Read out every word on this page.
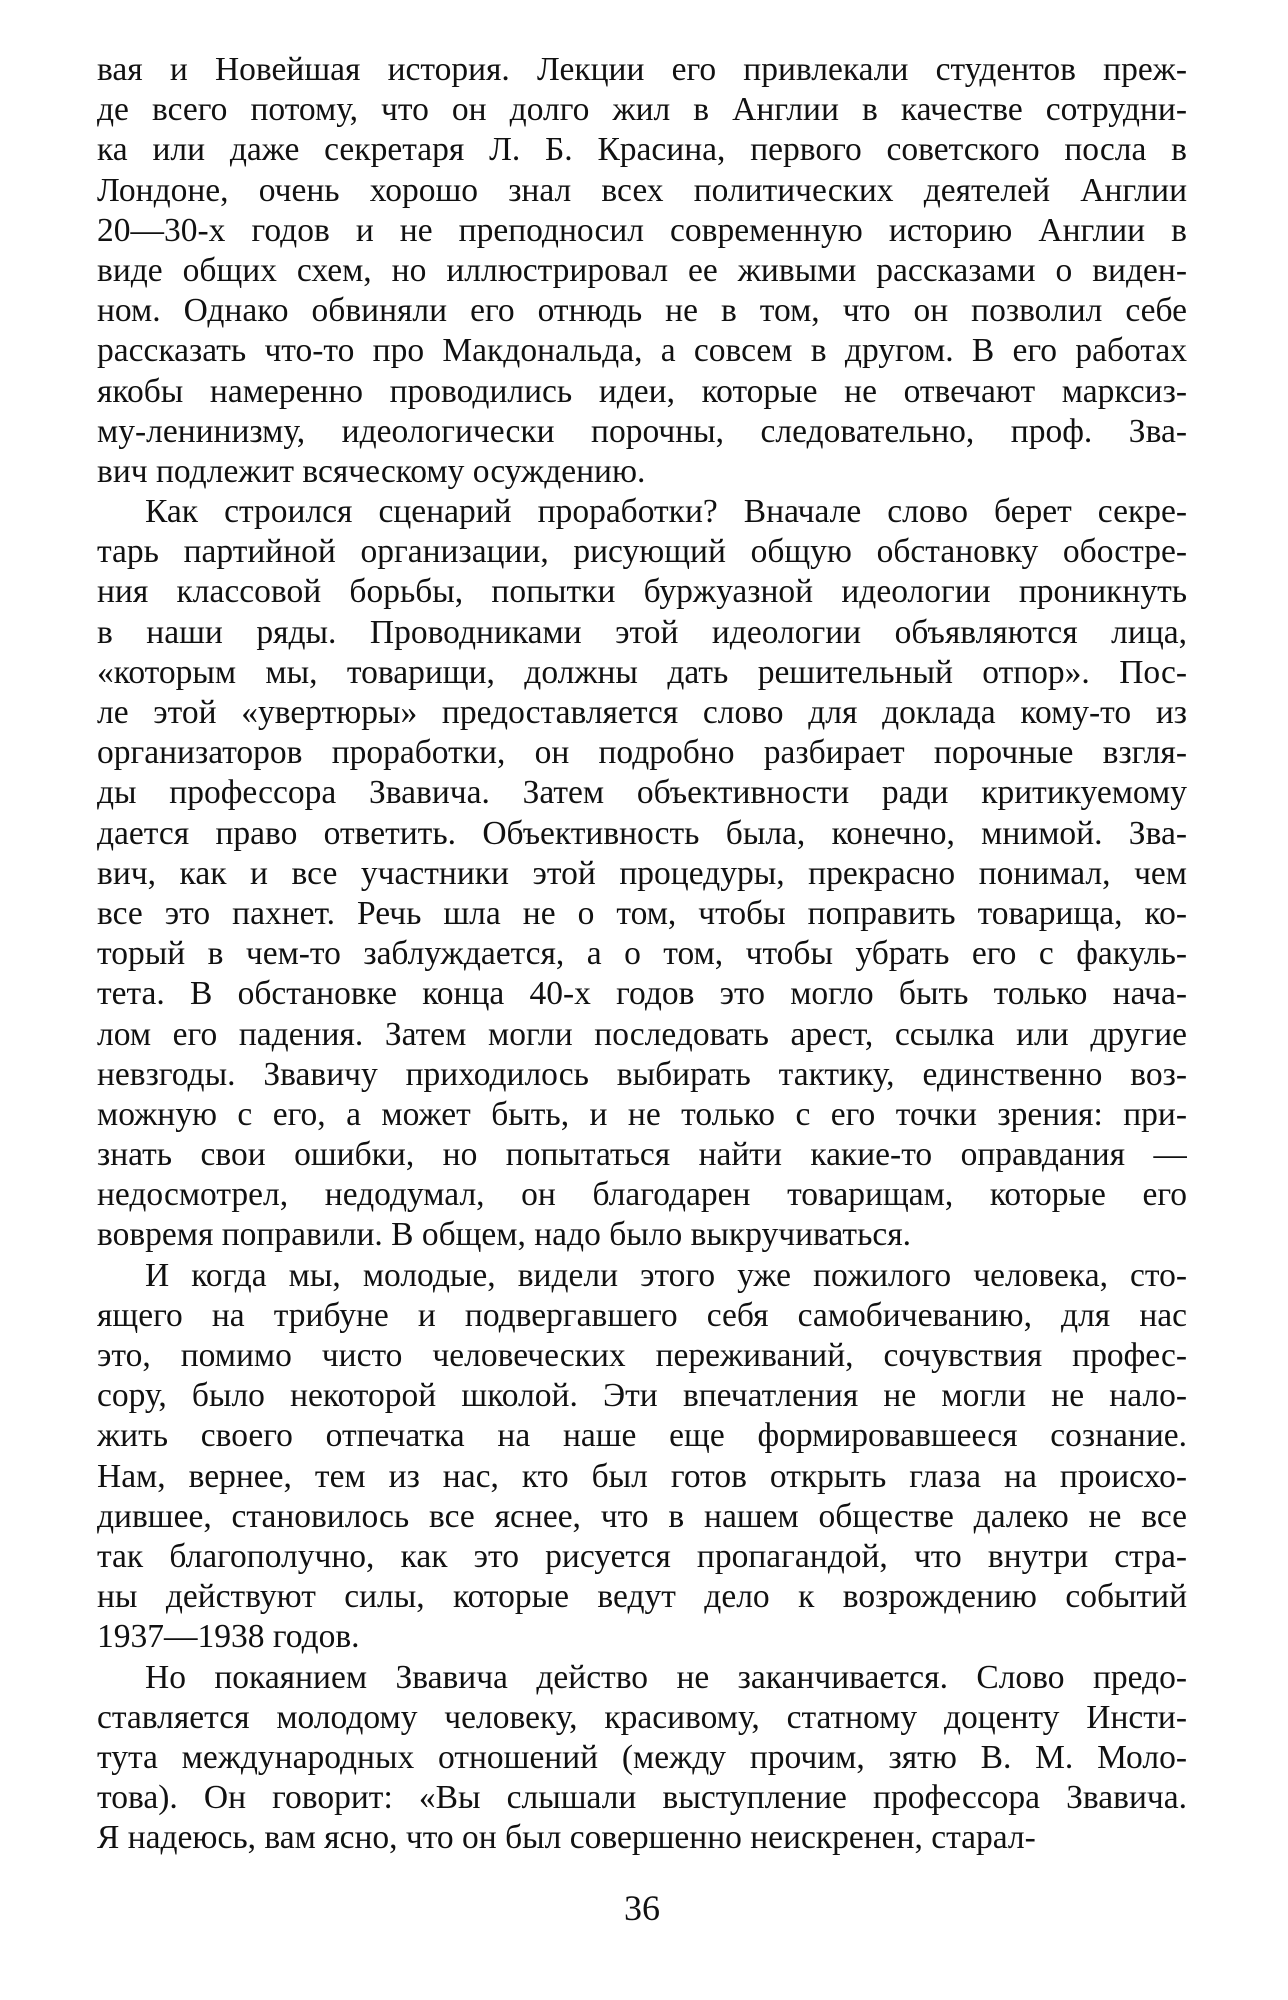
вая и Новейшая история. Лекции его привлекали студентов преж-
де всего потому, что он долго жил в Англии в качестве сотрудни-
ка или даже секретаря Л. Б. Красина, первого советского посла в
Лондоне, очень хорошо знал всех политических деятелей Англии
20—30-х годов и не преподносил современную историю Англии в
виде общих схем, но иллюстрировал ее живыми рассказами о виден-
ном. Однако обвиняли его отнюдь не в том, что он позволил себе
рассказать что-то про Макдональда, а совсем в другом. В его работах
якобы намеренно проводились идеи, которые не отвечают марксиз-
му-ленинизму, идеологически порочны, следовательно, проф. Зва-
вич подлежит всяческому осуждению.
Как строился сценарий проработки? Вначале слово берет секре-
тарь партийной организации, рисующий общую обстановку обостре-
ния классовой борьбы, попытки буржуазной идеологии проникнуть
в наши ряды. Проводниками этой идеологии объявляются лица,
«которым мы, товарищи, должны дать решительный отпор». Пос-
ле этой «увертюры» предоставляется слово для доклада кому-то из
организаторов проработки, он подробно разбирает порочные взгля-
ды профессора Звавича. Затем объективности ради критикуемому
дается право ответить. Объективность была, конечно, мнимой. Зва-
вич, как и все участники этой процедуры, прекрасно понимал, чем
все это пахнет. Речь шла не о том, чтобы поправить товарища, ко-
торый в чем-то заблуждается, а о том, чтобы убрать его с факуль-
тета. В обстановке конца 40-х годов это могло быть только нача-
лом его падения. Затем могли последовать арест, ссылка или другие
невзгоды. Звавичу приходилось выбирать тактику, единственно воз-
можную с его, а может быть, и не только с его точки зрения: при-
знать свои ошибки, но попытаться найти какие-то оправдания —
недосмотрел, недодумал, он благодарен товарищам, которые его
вовремя поправили. В общем, надо было выкручиваться.
И когда мы, молодые, видели этого уже пожилого человека, сто-
ящего на трибуне и подвергавшего себя самобичеванию, для нас
это, помимо чисто человеческих переживаний, сочувствия профес-
сору, было некоторой школой. Эти впечатления не могли не нало-
жить своего отпечатка на наше еще формировавшееся сознание.
Нам, вернее, тем из нас, кто был готов открыть глаза на происхо-
дившее, становилось все яснее, что в нашем обществе далеко не все
так благополучно, как это рисуется пропагандой, что внутри стра-
ны действуют силы, которые ведут дело к возрождению событий
1937—1938 годов.
Но покаянием Звавича действо не заканчивается. Слово предо-
ставляется молодому человеку, красивому, статному доценту Инсти-
тута международных отношений (между прочим, зятю В. М. Моло-
това). Он говорит: «Вы слышали выступление профессора Звавича.
Я надеюсь, вам ясно, что он был совершенно неискренен, старал-
36
